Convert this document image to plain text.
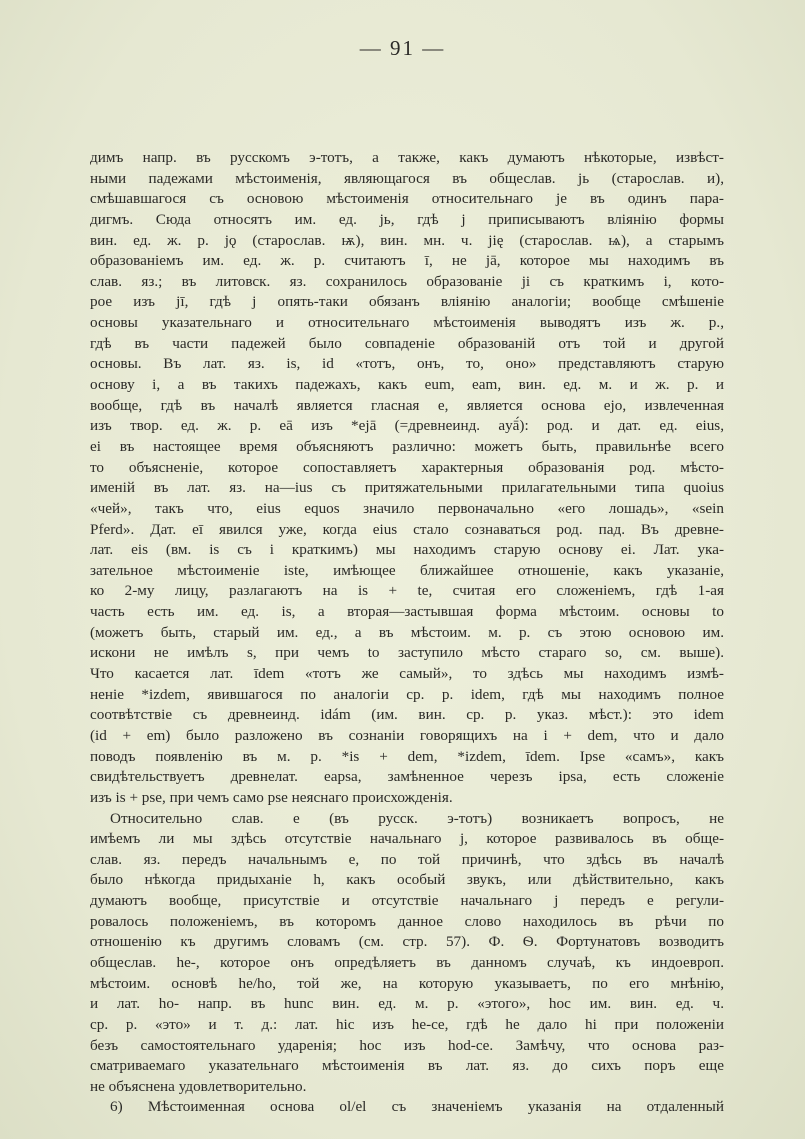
— 91 —
димъ напр. въ русскомъ э-тотъ, а также, какъ думаютъ нѣкоторые, извѣст-
ными падежами мѣстоименія, являющагося въ общеслав. jь (старослав. и),
смѣшавшагося съ основою мѣстоименія относительнаго jе въ одинъ пара-
дигмъ. Сюда относятъ им. ед. jь, гдѣ j приписываютъ вліянію формы
вин. ед. ж. р. jǫ (старослав. ѭ), вин. мн. ч. jię (старослав. ѩ), а старымъ
образованіемъ им. ед. ж. р. считаютъ ī, не jā, которое мы находимъ въ
слав. яз.; въ литовск. яз. сохранилось образованіе ji съ краткимъ i, кото-
рое изъ jī, гдѣ j опять-таки обязанъ вліянію аналогіи; вообще смѣшеніе
основы указательнаго и относительнаго мѣстоименія выводятъ изъ ж. р.,
гдѣ въ части падежей было совпаденіе образованій отъ той и другой
основы. Въ лат. яз. is, id «тотъ, онъ, то, оно» представляютъ старую
основу i, а въ такихъ падежахъ, какъ eum, eam, вин. ед. м. и ж. р. и
вообще, гдѣ въ началѣ является гласная e, является основа ejo, извлеченная
изъ твор. ед. ж. р. eā изъ *ejā (=древнеинд. ayā́): род. и дат. ед. eius,
ei въ настоящее время объясняютъ различно: можетъ быть, правильнѣе всего
то объясненіе, которое сопоставляетъ характерныя образованія род. мѣсто-
именій въ лат. яз. на—ius съ притяжательными прилагательными типа quoius
«чей», такъ что, eius equos значило первоначально «его лошадь», «sein
Pferd». Дат. eī явился уже, когда eius стало сознаваться род. пад. Въ древне-
лат. eis (вм. is съ i краткимъ) мы находимъ старую основу ei. Лат. ука-
зательное мѣстоименіе iste, имѣющее ближайшее отношеніе, какъ указаніе,
ко 2-му лицу, разлагаютъ на is + te, считая его сложеніемъ, гдѣ 1-ая
часть есть им. ед. is, а вторая—застывшая форма мѣстоим. основы to
(можетъ быть, старый им. ед., а въ мѣстоим. м. р. съ этою основою им.
искони не имѣлъ s, при чемъ to заступило мѣсто стараго so, см. выше).
Что касается лат. īdem «тотъ же самый», то здѣсь мы находимъ измѣ-
неніе *izdem, явившагося по аналогіи ср. р. idem, гдѣ мы находимъ полное
соотвѣтствіе съ древнеинд. idám (им. вин. ср. р. указ. мѣст.): это idem
(id + em) было разложено въ сознаніи говорящихъ на i + dem, что и дало
поводъ появленію въ м. р. *is + dem, *izdem, īdem. Ipse «самъ», какъ
свидѣтельствуетъ древнелат. eapsa, замѣненное черезъ ipsa, есть сложеніе
изъ is + pse, при чемъ само pse неяснаго происхожденія.
Относительно слав. е (въ русск. э-тотъ) возникаетъ вопросъ, не
имѣемъ ли мы здѣсь отсутствіе начальнаго j, которое развивалось въ обще-
слав. яз. передъ начальнымъ е, по той причинѣ, что здѣсь въ началѣ
было нѣкогда придыханіе h, какъ особый звукъ, или дѣйствительно, какъ
думаютъ вообще, присутствіе и отсутствіе начальнаго j передъ е регули-
ровалось положеніемъ, въ которомъ данное слово находилось въ рѣчи по
отношенію къ другимъ словамъ (см. стр. 57). Ф. Ѳ. Фортунатовъ возводитъ
общеслав. he-, которое онъ опредѣляетъ въ данномъ случаѣ, къ индоевроп.
мѣстоим. основѣ he/ho, той же, на которую указываетъ, по его мнѣнію,
и лат. ho- напр. въ hunc вин. ед. м. р. «этого», hoc им. вин. ед. ч.
ср. р. «это» и т. д.: лат. hic изъ he-ce, гдѣ he дало hi при положеніи
безъ самостоятельнаго ударенія; hoc изъ hod-ce. Замѣчу, что основа раз-
сматриваемаго указательнаго мѣстоименія въ лат. яз. до сихъ поръ еще
не объяснена удовлетворительно.
6) Мѣстоименная основа ol/el съ значеніемъ указанія на отдаленный
